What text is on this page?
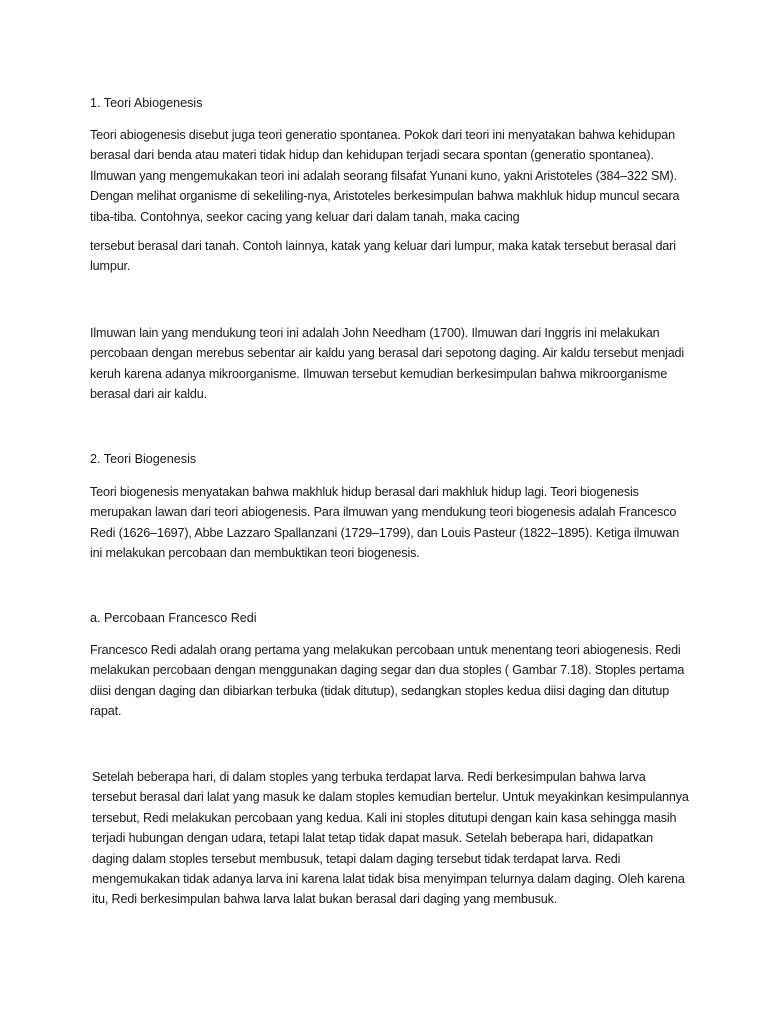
1. Teori Abiogenesis

Teori abiogenesis disebut juga teori generatio spontanea. Pokok dari teori ini menyatakan bahwa kehidupan berasal dari benda atau materi tidak hidup dan kehidupan terjadi secara spontan (generatio spontanea). Ilmuwan yang mengemukakan teori ini adalah seorang filsafat Yunani kuno, yakni Aristoteles (384–322 SM). Dengan melihat organisme di sekeliling-nya, Aristoteles berkesimpulan bahwa makhluk hidup muncul secara tiba-tiba. Contohnya, seekor cacing yang keluar dari dalam tanah, maka cacing

tersebut berasal dari tanah. Contoh lainnya, katak yang keluar dari lumpur, maka katak tersebut berasal dari lumpur.

Ilmuwan lain yang mendukung teori ini adalah John Needham (1700). Ilmuwan dari Inggris ini melakukan percobaan dengan merebus sebentar air kaldu yang berasal dari sepotong daging. Air kaldu tersebut menjadi keruh karena adanya mikroorganisme. Ilmuwan tersebut kemudian berkesimpulan bahwa mikroorganisme berasal dari air kaldu.

2. Teori Biogenesis

Teori biogenesis menyatakan bahwa makhluk hidup berasal dari makhluk hidup lagi. Teori biogenesis merupakan lawan dari teori abiogenesis. Para ilmuwan yang mendukung teori biogenesis adalah Francesco Redi (1626–1697), Abbe Lazzaro Spallanzani (1729–1799), dan Louis Pasteur (1822–1895). Ketiga ilmuwan ini melakukan percobaan dan membuktikan teori biogenesis.

a. Percobaan Francesco Redi

Francesco Redi adalah orang pertama yang melakukan percobaan untuk menentang teori abiogenesis. Redi melakukan percobaan dengan menggunakan daging segar dan dua stoples ( Gambar 7.18). Stoples pertama diisi dengan daging dan dibiarkan terbuka (tidak ditutup), sedangkan stoples kedua diisi daging dan ditutup rapat.

Setelah beberapa hari, di dalam stoples yang terbuka terdapat larva. Redi berkesimpulan bahwa larva tersebut berasal dari lalat yang masuk ke dalam stoples kemudian bertelur. Untuk meyakinkan kesimpulannya tersebut, Redi melakukan percobaan yang kedua. Kali ini stoples ditutupi dengan kain kasa sehingga masih terjadi hubungan dengan udara, tetapi lalat tetap tidak dapat masuk. Setelah beberapa hari, didapatkan daging dalam stoples tersebut membusuk, tetapi dalam daging tersebut tidak terdapat larva. Redi mengemukakan tidak adanya larva ini karena lalat tidak bisa menyimpan telurnya dalam daging. Oleh karena itu, Redi berkesimpulan bahwa larva lalat bukan berasal dari daging yang membusuk.
